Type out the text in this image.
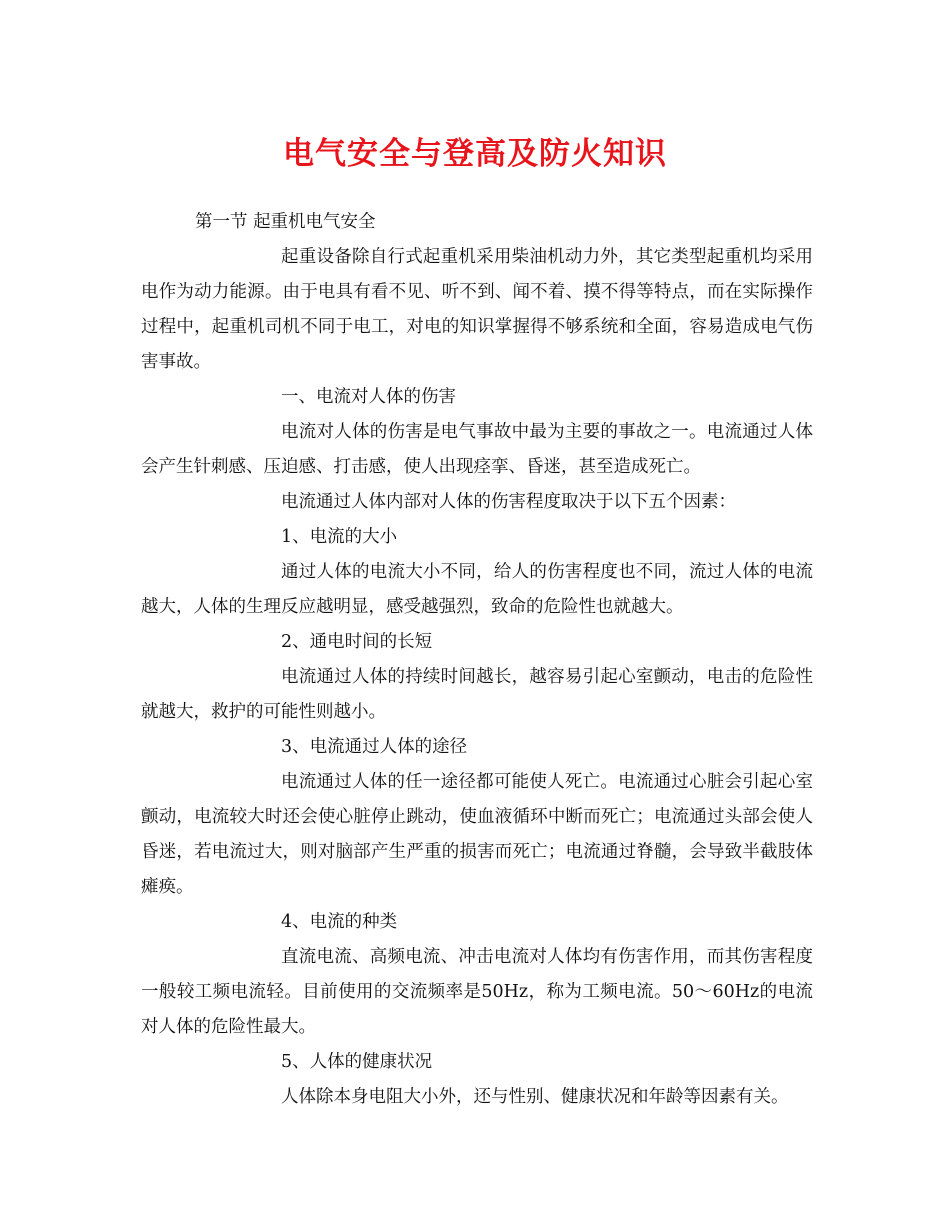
电气安全与登高及防火知识

第一节 起重机电气安全

起重设备除自行式起重机采用柴油机动力外，其它类型起重机均采用电作为动力能源。由于电具有看不见、听不到、闻不着、摸不得等特点，而在实际操作过程中，起重机司机不同于电工，对电的知识掌握得不够系统和全面，容易造成电气伤害事故。

一、电流对人体的伤害

电流对人体的伤害是电气事故中最为主要的事故之一。电流通过人体会产生针刺感、压迫感、打击感，使人出现痉挛、昏迷，甚至造成死亡。

电流通过人体内部对人体的伤害程度取决于以下五个因素：

1、电流的大小

通过人体的电流大小不同，给人的伤害程度也不同，流过人体的电流越大，人体的生理反应越明显，感受越强烈，致命的危险性也就越大。

2、通电时间的长短

电流通过人体的持续时间越长，越容易引起心室颤动，电击的危险性就越大，救护的可能性则越小。

3、电流通过人体的途径

电流通过人体的任一途径都可能使人死亡。电流通过心脏会引起心室颤动，电流较大时还会使心脏停止跳动，使血液循环中断而死亡；电流通过头部会使人昏迷，若电流过大，则对脑部产生严重的损害而死亡；电流通过脊髓，会导致半截肢体瘫痪。

4、电流的种类

直流电流、高频电流、冲击电流对人体均有伤害作用，而其伤害程度一般较工频电流轻。目前使用的交流频率是50Hz，称为工频电流。50～60Hz的电流对人体的危险性最大。

5、人体的健康状况

人体除本身电阻大小外，还与性别、健康状况和年龄等因素有关。
